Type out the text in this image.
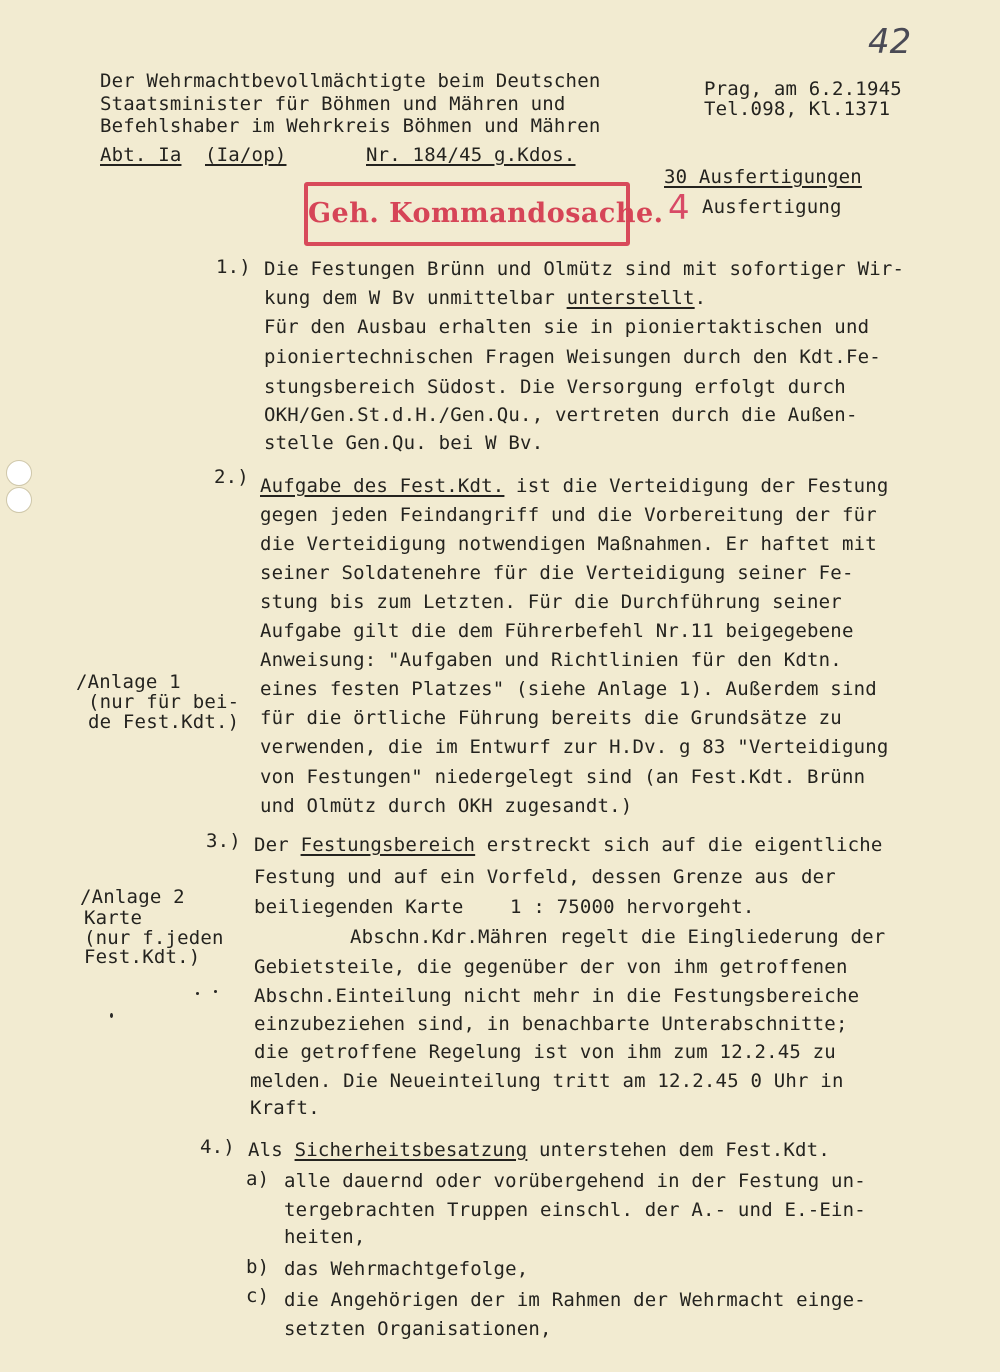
42
Der Wehrmachtbevollmächtigte beim Deutschen
Staatsminister für Böhmen und Mähren und
Befehlshaber im Wehrkreis Böhmen und Mähren
Prag, am 6.2.1945
Tel.098, Kl.1371
Abt. Ia (Ia/op)	Nr. 184/45 g.Kdos.
30 Ausfertigungen
4 Ausfertigung
Geh. Kommandosache.
1.) Die Festungen Brünn und Olmütz sind mit sofortiger Wir-
kung dem W Bv unmittelbar unterstellt.
Für den Ausbau erhalten sie in pioniertaktischen und
pioniertechnischen Fragen Weisungen durch den Kdt.Fe-
stungsbereich Südost. Die Versorgung erfolgt durch
OKH/Gen.St.d.H./Gen.Qu., vertreten durch die Außen-
stelle Gen.Qu. bei W Bv.
2.) Aufgabe des Fest.Kdt. ist die Verteidigung der Festung
gegen jeden Feindangriff und die Vorbereitung der für
die Verteidigung notwendigen Maßnahmen. Er haftet mit
seiner Soldatenehre für die Verteidigung seiner Fe-
stung bis zum Letzten. Für die Durchführung seiner
Aufgabe gilt die dem Führerbefehl Nr.11 beigegebene
Anweisung: "Aufgaben und Richtlinien für den Kdtn.
eines festen Platzes" (siehe Anlage 1). Außerdem sind
für die örtliche Führung bereits die Grundsätze zu
verwenden, die im Entwurf zur H.Dv. g 83 "Verteidigung
von Festungen" niedergelegt sind (an Fest.Kdt. Brünn
und Olmütz durch OKH zugesandt.)
/Anlage 1
(nur für bei-
de Fest.Kdt.)
3.) Der Festungsbereich erstreckt sich auf die eigentliche
Festung und auf ein Vorfeld, dessen Grenze aus der
beiliegenden Karte    1 : 75000 hervorgeht.
Abschn.Kdr.Mähren regelt die Eingliederung der
Gebietsteile, die gegenüber der von ihm getroffenen
Abschn.Einteilung nicht mehr in die Festungsbereiche
einzubeziehen sind, in benachbarte Unterabschnitte;
die getroffene Regelung ist von ihm zum 12.2.45 zu
melden. Die Neueinteilung tritt am 12.2.45 0 Uhr in
Kraft.
/Anlage 2
Karte
(nur f.jeden
Fest.Kdt.)
4.) Als Sicherheitsbesatzung unterstehen dem Fest.Kdt.
a) alle dauernd oder vorübergehend in der Festung un-
tergebrachten Truppen einschl. der A.- und E.-Ein-
heiten,
b) das Wehrmachtgefolge,
c) die Angehörigen der im Rahmen der Wehrmacht einge-
setzten Organisationen,
